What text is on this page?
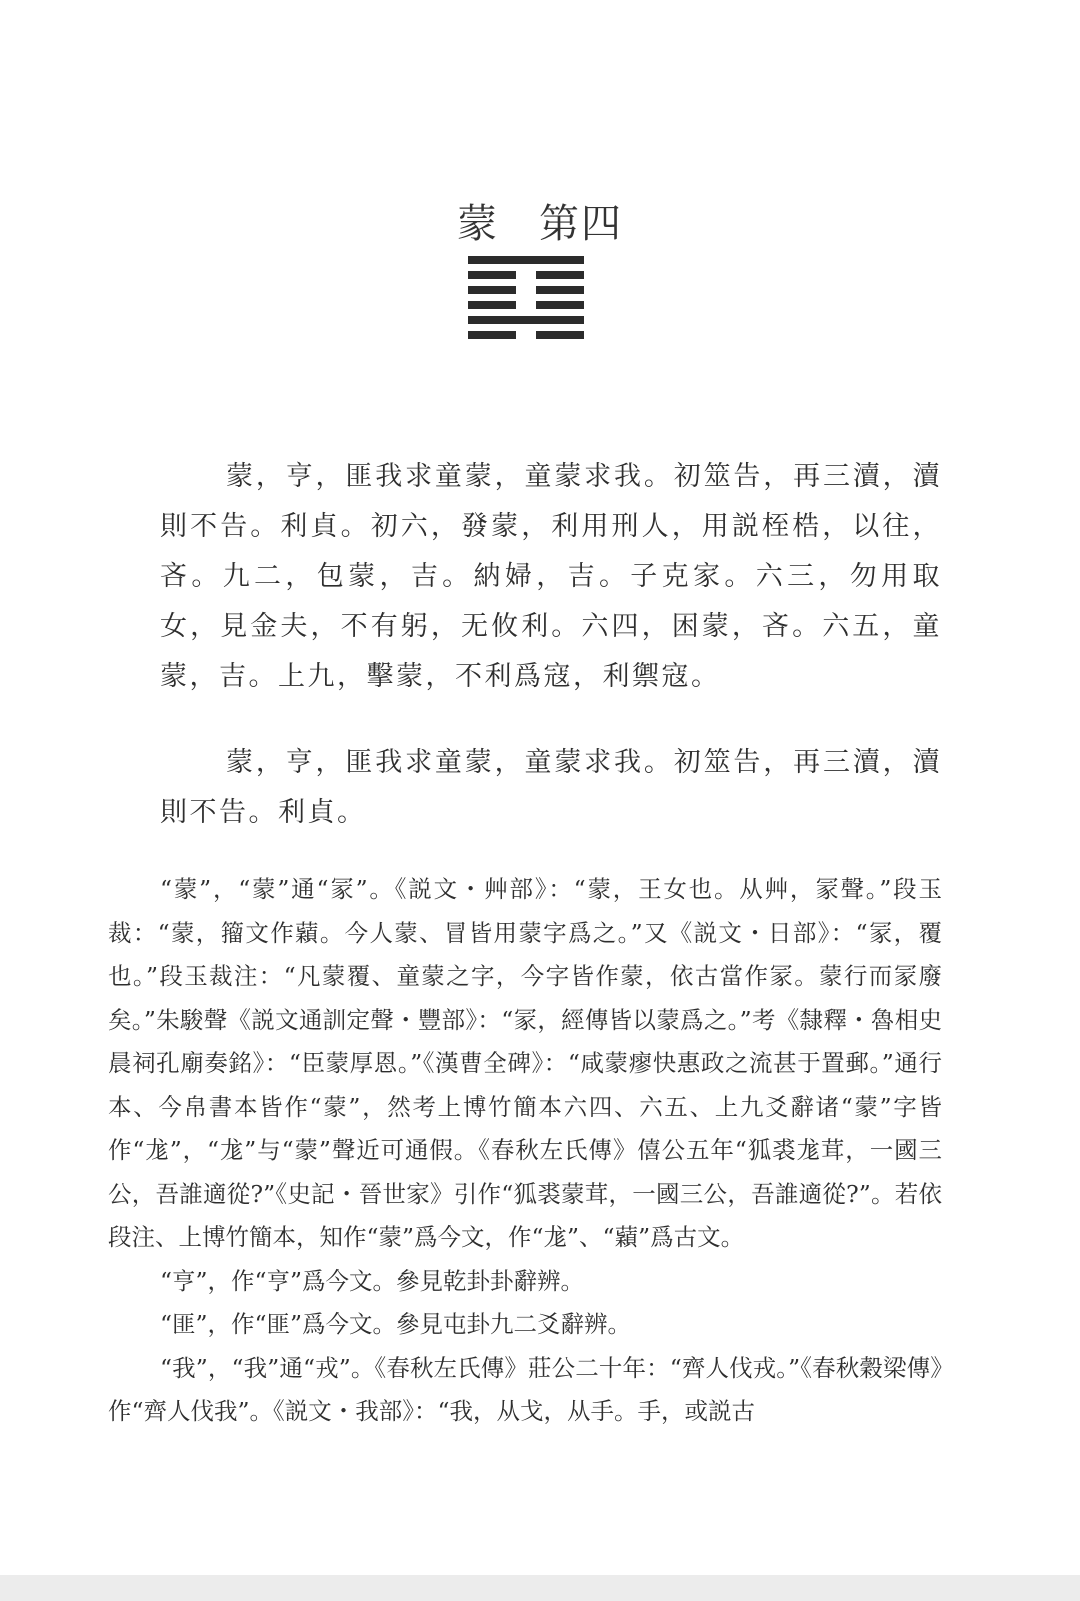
蒙 第四
蒙，亨，匪我求童蒙，童蒙求我。初筮告，再三瀆，瀆則不告。利貞。初六，發蒙，利用刑人，用説桎梏，以往，吝。九二，包蒙，吉。納婦，吉。子克家。六三，勿用取女，見金夫，不有躬，无攸利。六四，困蒙，吝。六五，童蒙，吉。上九，擊蒙，不利爲寇，利禦寇。
蒙，亨，匪我求童蒙，童蒙求我。初筮告，再三瀆，瀆則不告。利貞。

“蒙”，“蒙”通“冡”。《説文・艸部》：“蒙，王女也。从艸，冡聲。”段玉裁：“蒙，籀文作蘔。今人蒙、冒皆用蒙字爲之。”又《説文・日部》：“冡，覆也。”段玉裁注：“凡蒙覆、童蒙之字，今字皆作蒙，依古當作冡。蒙行而冡廢矣。”朱駿聲《説文通訓定聲・豐部》：“冡，經傳皆以蒙爲之。”考《隸釋・魯相史晨祠孔廟奏銘》：“臣蒙厚恩。”《漢曹全碑》：“咸蒙瘳快惠政之流甚于置郵。”通行本、今帛書本皆作“蒙”，然考上博竹簡本六四、六五、上九爻辭诸“蒙”字皆作“尨”，“尨”与“蒙”聲近可通假。《春秋左氏傳》僖公五年“狐裘尨茸，一國三公，吾誰適從?”《史記・晉世家》引作“狐裘蒙茸，一國三公，吾誰適從?”。若依段注、上博竹簡本，知作“蒙”爲今文，作“尨”、“蘔”爲古文。

“亨”，作“亨”爲今文。參見乾卦卦辭辨。

“匪”，作“匪”爲今文。參見屯卦九二爻辭辨。

“我”，“我”通“戎”。《春秋左氏傳》莊公二十年：“齊人伐戎。”《春秋穀梁傳》作“齊人伐我”。《説文・我部》：“我，从戈，从手。手，或説古
